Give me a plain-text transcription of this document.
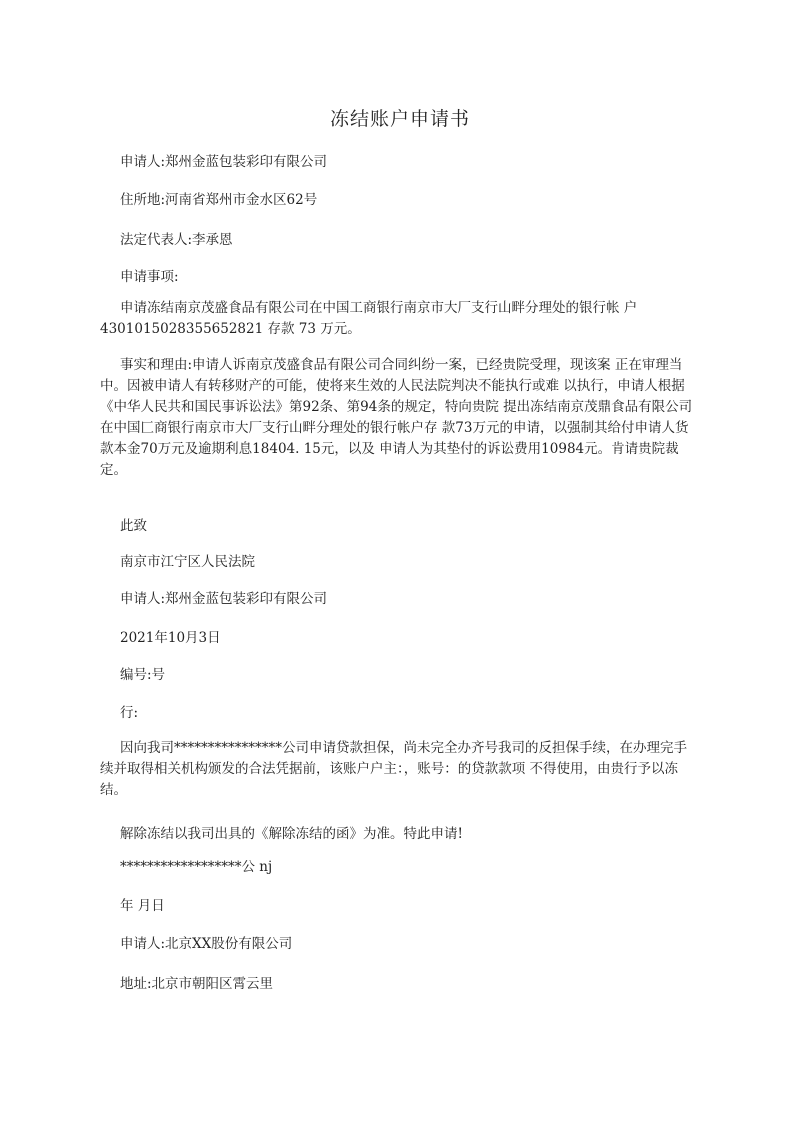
冻结账户申请书
申请人:郑州金蓝包装彩印有限公司
住所地:河南省郑州市金水区62号
法定代表人:李承恩
申请事项:
申请冻结南京茂盛食品有限公司在中国工商银行南京市大厂支行山畔分理处的银行帐 户4301015028355652821 存款 73 万元。
事实和理由:申请人诉南京茂盛食品有限公司合同纠纷一案，已经贵院受理，现该案 正在审理当中。因被申请人有转移财产的可能，使将来生效的人民法院判决不能执行或难 以执行，申请人根据《中华人民共和国民事诉讼法》第92条、第94条的规定，特向贵院 提出冻结南京茂鼎食品有限公司在中国匚商银行南京市大厂支行山畔分理处的银行帐户存 款73万元的申请，以强制其给付申请人货款本金70万元及逾期利息18404. 15元，以及 申请人为其垫付的诉讼费用10984元。肯请贵院裁定。
此致
南京市江宁区人民法院
申请人:郑州金蓝包装彩印有限公司
2021年10月3日
编号:号
行:
因向我司****************公司申请贷款担保，尚未完全办齐号我司的反担保手续，在办理完手续并取得相关机构颁发的合法凭据前，该账户户主：，账号：的贷款款项 不得使用，由贵行予以冻结。
解除冻结以我司出具的《解除冻结的函》为准。特此申请!
******************公 nj
年 月日
申请人:北京XX股份有限公司
地址:北京市朝阳区霄云里
